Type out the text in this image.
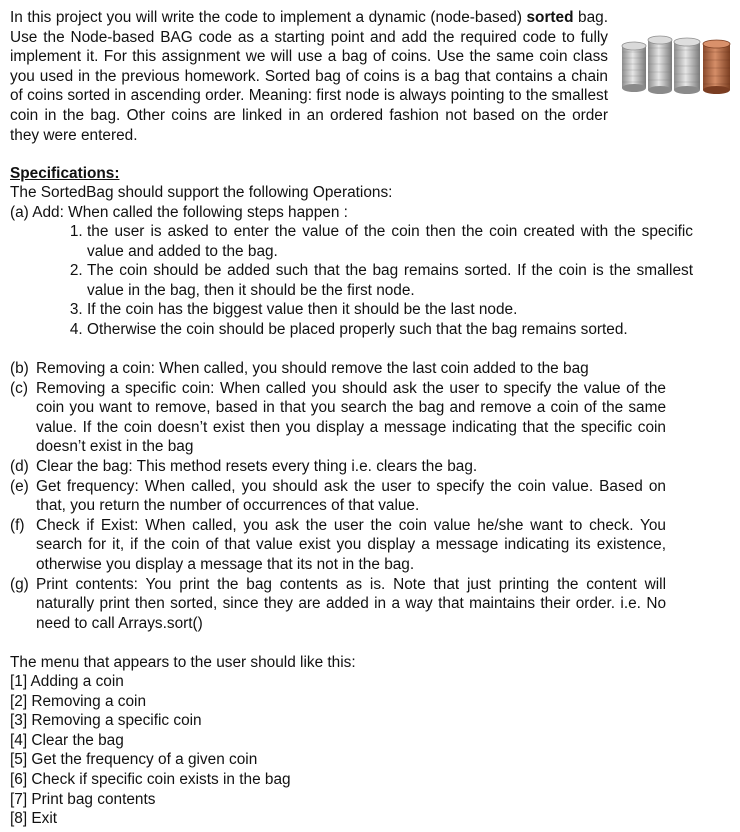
In this project you will write the code to implement a dynamic (node-based) sorted bag. Use the Node-based BAG code as a starting point and add the required code to fully implement it. For this assignment we will use a bag of coins. Use the same coin class you used in the previous homework. Sorted bag of coins is a bag that contains a chain of coins sorted in ascending order. Meaning: first node is always pointing to the smallest coin in the bag. Other coins are linked in an ordered fashion not based on the order they were entered.

Specifications:

The SortedBag should support the following Operations:

(a) Add: When called the following steps happen :

1. the user is asked to enter the value of the coin then the coin created with the specific value and added to the bag.
2. The coin should be added such that the bag remains sorted. If the coin is the smallest value in the bag, then it should be the first node.
3. If the coin has the biggest value then it should be the last node.
4. Otherwise the coin should be placed properly such that the bag remains sorted.
(b) Removing a coin: When called, you should remove the last coin added to the bag
(c) Removing a specific coin: When called you should ask the user to specify the value of the coin you want to remove, based in that you search the bag and remove a coin of the same value. If the coin doesn’t exist then you display a message indicating that the specific coin doesn’t exist in the bag
(d) Clear the bag: This method resets every thing i.e. clears the bag.
(e) Get frequency: When called, you should ask the user to specify the coin value. Based on that, you return the number of occurrences of that value.
(f) Check if Exist: When called, you ask the user the coin value he/she want to check. You search for it, if the coin of that value exist you display a message indicating its existence, otherwise you display a message that its not in the bag.
(g) Print contents: You print the bag contents as is. Note that just printing the content will naturally print then sorted, since they are added in a way that maintains their order. i.e. No need to call Arrays.sort()

The menu that appears to the user should like this:

[1] Adding a coin
[2] Removing a coin
[3] Removing a specific coin
[4] Clear the bag
[5] Get the frequency of a given coin
[6] Check if specific coin exists in the bag
[7] Print bag contents
[8] Exit
